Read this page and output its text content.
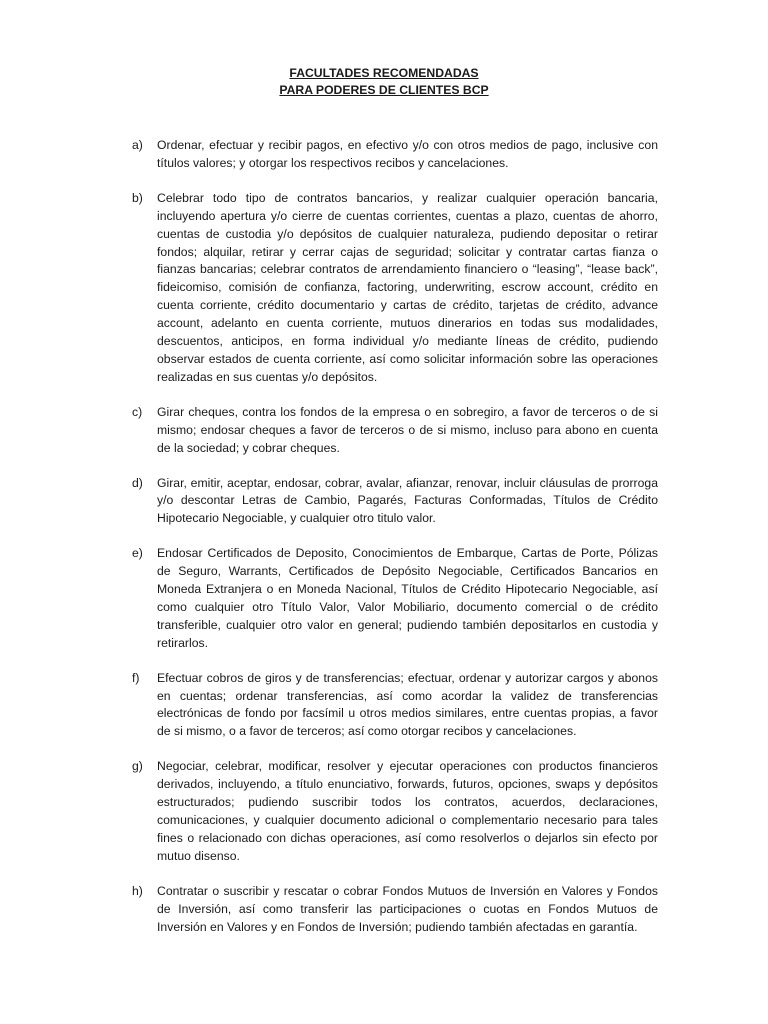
FACULTADES RECOMENDADAS
PARA PODERES DE CLIENTES BCP
a)	Ordenar, efectuar y recibir pagos, en efectivo y/o con otros medios de pago, inclusive con títulos valores; y otorgar los respectivos recibos y cancelaciones.
b)	Celebrar todo tipo de contratos bancarios, y realizar cualquier operación bancaria, incluyendo apertura y/o cierre de cuentas corrientes, cuentas a plazo, cuentas de ahorro, cuentas de custodia y/o depósitos de cualquier naturaleza, pudiendo depositar o retirar fondos; alquilar, retirar y cerrar cajas de seguridad; solicitar y contratar cartas fianza o fianzas bancarias; celebrar contratos de arrendamiento financiero o “leasing”, “lease back”, fideicomiso, comisión de confianza, factoring, underwriting, escrow account, crédito en cuenta corriente, crédito documentario y cartas de crédito, tarjetas de crédito, advance account, adelanto en cuenta corriente, mutuos dinerarios en todas sus modalidades, descuentos, anticipos, en forma individual y/o mediante líneas de crédito, pudiendo observar estados de cuenta corriente, así como solicitar información sobre las operaciones realizadas en sus cuentas y/o depósitos.
c)	Girar cheques, contra los fondos de la empresa o en sobregiro, a favor de terceros o de si mismo; endosar cheques a favor de terceros o de si mismo, incluso para abono en cuenta de la sociedad; y cobrar cheques.
d)	Girar, emitir, aceptar, endosar, cobrar, avalar, afianzar, renovar, incluir cláusulas de prorroga y/o descontar Letras de Cambio, Pagarés, Facturas Conformadas, Títulos de Crédito Hipotecario Negociable, y cualquier otro titulo valor.
e)	Endosar Certificados de Deposito, Conocimientos de Embarque, Cartas de Porte, Pólizas de Seguro, Warrants, Certificados de Depósito Negociable, Certificados Bancarios en Moneda Extranjera o en Moneda Nacional, Títulos de Crédito Hipotecario Negociable, así como cualquier otro Título Valor, Valor Mobiliario, documento comercial o de crédito transferible, cualquier otro valor en general; pudiendo también depositarlos en custodia y retirarlos.
f)	Efectuar cobros de giros y de transferencias; efectuar, ordenar y autorizar cargos y abonos en cuentas; ordenar transferencias, así como acordar la validez de transferencias electrónicas de fondo por facsímil u otros medios similares, entre cuentas propias, a favor de si mismo, o a favor de terceros; así como otorgar recibos y cancelaciones.
g)	Negociar, celebrar, modificar, resolver y ejecutar operaciones con productos financieros derivados, incluyendo, a título enunciativo, forwards, futuros, opciones, swaps y depósitos estructurados; pudiendo suscribir todos los contratos, acuerdos, declaraciones, comunicaciones, y cualquier documento adicional o complementario necesario para tales fines o relacionado con dichas operaciones, así como resolverlos o dejarlos sin efecto por mutuo disenso.
h)	Contratar o suscribir y rescatar o cobrar Fondos Mutuos de Inversión en Valores y Fondos de Inversión, así como transferir las participaciones o cuotas en Fondos Mutuos de Inversión en Valores y en Fondos de Inversión; pudiendo también afectadas en garantía.
